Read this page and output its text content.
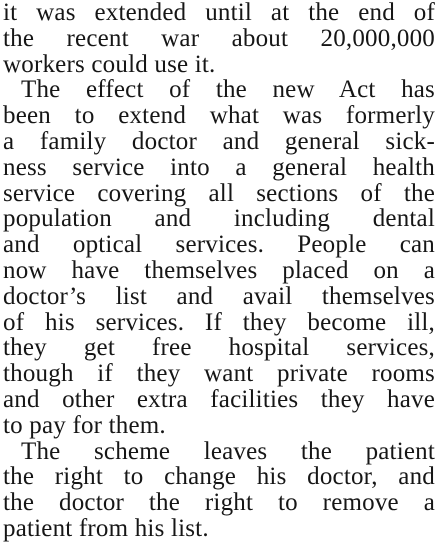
it was extended until at the end of
the recent war about 20,000,000
workers could use it.
The effect of the new Act has
been to extend what was formerly
a family doctor and general sick-
ness service into a general health
service covering all sections of the
population and including dental
and optical services. People can
now have themselves placed on a
doctor’s list and avail themselves
of his services. If they become ill,
they get free hospital services,
though if they want private rooms
and other extra facilities they have
to pay for them.
The scheme leaves the patient
the right to change his doctor, and
the doctor the right to remove a
patient from his list.
